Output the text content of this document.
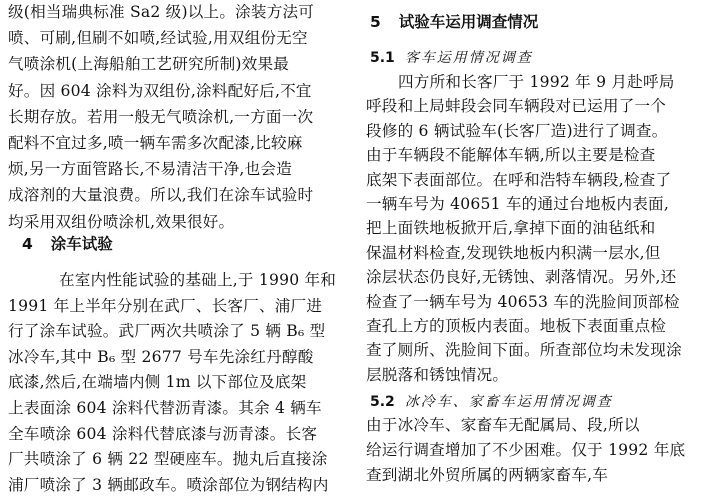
级(相当瑞典标准 Sa2 级)以上。涂装方法可
喷、可刷,但刷不如喷,经试验,用双组份无空
气喷涂机(上海船舶工艺研究所制)效果最
好。因 604 涂料为双组份,涂料配好后,不宜
长期存放。若用一般无气喷涂机,一方面一次
配料不宜过多,喷一辆车需多次配漆,比较麻
烦,另一方面管路长,不易清洁干净,也会造
成溶剂的大量浪费。所以,我们在涂车试验时
均采用双组份喷涂机,效果很好。
4 涂车试验
在室内性能试验的基础上,于 1990 年和
1991 年上半年分别在武厂、长客厂、浦厂进
行了涂车试验。武厂两次共喷涂了 5 辆 B₆ 型
冰冷车,其中 B₆ 型 2677 号车先涂红丹醇酸
底漆,然后,在端墙内侧 1m 以下部位及底架
上表面涂 604 涂料代替沥青漆。其余 4 辆车
全车喷涂 604 涂料代替底漆与沥青漆。长客
厂共喷涂了 6 辆 22 型硬座车。抛丸后直接涂
浦厂喷涂了 3 辆邮政车。喷涂部位为钢结构内
5 试验车运用调查情况
5.1 客车运用情况调查
四方所和长客厂于 1992 年 9 月赴呼局
呼段和上局蚌段会同车辆段对已运用了一个
段修的 6 辆试验车(长客厂造)进行了调查。
由于车辆段不能解体车辆,所以主要是检查
底架下表面部位。在呼和浩特车辆段,检查了
一辆车号为 40651 车的通过台地板内表面,
把上面铁地板掀开后,拿掉下面的油毡纸和
保温材料检查,发现铁地板内积满一层水,但
涂层状态仍良好,无锈蚀、剥落情况。另外,还
检查了一辆车号为 40653 车的洗脸间顶部检
查孔上方的顶板内表面。地板下表面重点检
查了厕所、洗脸间下面。所查部位均未发现涂
层脱落和锈蚀情况。
5.2 冰冷车、家畜车运用情况调查
由于冰冷车、家畜车无配属局、段,所以
给运行调查增加了不少困难。仅于 1992 年底
查到湖北外贸所属的两辆家畜车,车
